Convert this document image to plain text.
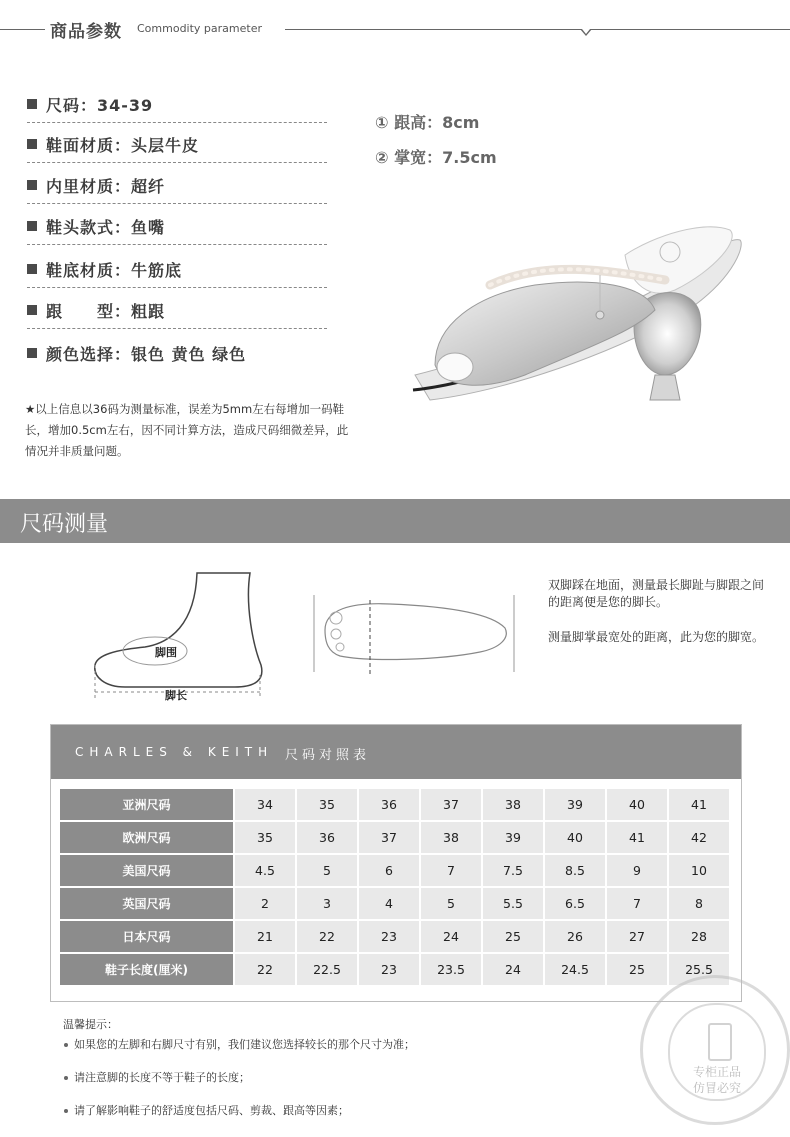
商品参数 Commodity parameter
尺码：34-39
鞋面材质：头层牛皮
内里材质：超纤
鞋头款式：鱼嘴
鞋底材质：牛筋底
跟　　型：粗跟
颜色选择：银色 黄色 绿色
① 跟高：8cm
② 掌宽：7.5cm
★以上信息以36码为测量标准，误差为5mm左右每增加一码鞋长，增加0.5cm左右，因不同计算方法，造成尺码细微差异，此情况并非质量问题。
尺码测量
脚围
脚长
双脚踩在地面，测量最长脚趾与脚跟之间的距离便是您的脚长。
测量脚掌最宽处的距离，此为您的脚宽。
CHARLES & KEITH 尺码对照表
亚洲尺码	34	35	36	37	38	39	40	41
欧洲尺码	35	36	37	38	39	40	41	42
美国尺码	4.5	5	6	7	7.5	8.5	9	10
英国尺码	2	3	4	5	5.5	6.5	7	8
日本尺码	21	22	23	24	25	26	27	28
鞋子长度(厘米)	22	22.5	23	23.5	24	24.5	25	25.5
温馨提示：
如果您的左脚和右脚尺寸有别，我们建议您选择较长的那个尺寸为准；
请注意脚的长度不等于鞋子的长度；
请了解影响鞋子的舒适度包括尺码、剪裁、跟高等因素；
专柜正品
仿冒必究
